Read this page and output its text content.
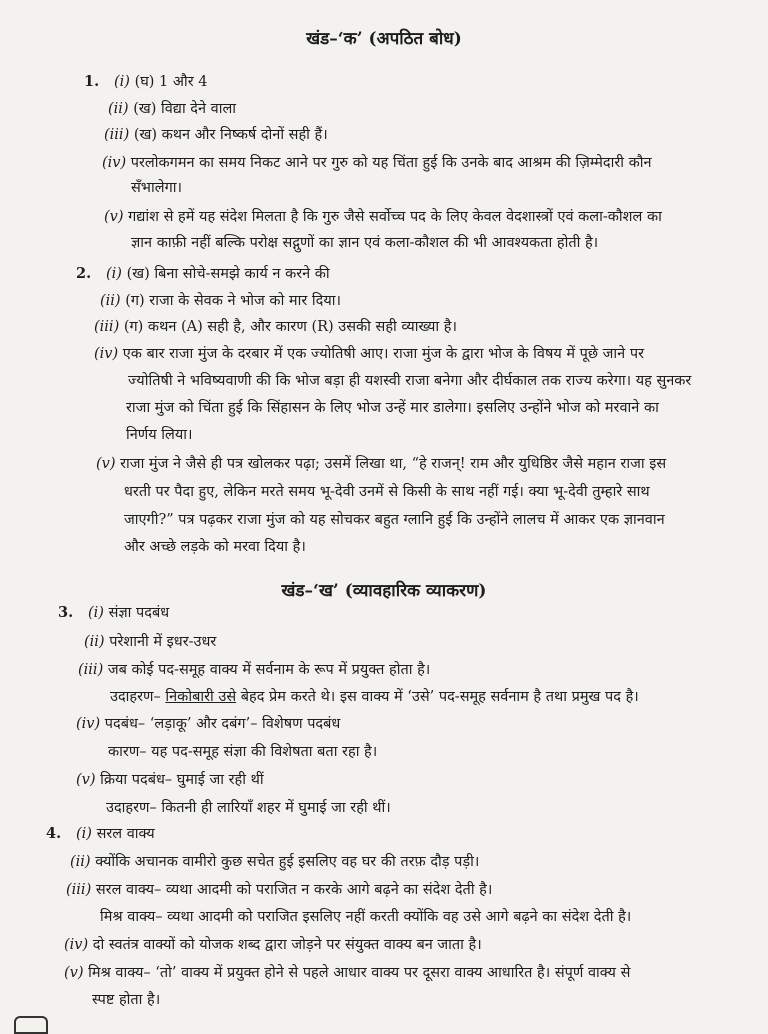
खंड–‘क’ (अपठित बोध)
1. (i) (घ) 1 और 4
(ii) (ख) विद्या देने वाला
(iii) (ख) कथन और निष्कर्ष दोनों सही हैं।
(iv) परलोकगमन का समय निकट आने पर गुरु को यह चिंता हुई कि उनके बाद आश्रम की ज़िम्मेदारी कौन
सँभालेगा।
(v) गद्यांश से हमें यह संदेश मिलता है कि गुरु जैसे सर्वोच्च पद के लिए केवल वेदशास्त्रों एवं कला-कौशल का
ज्ञान काफ़ी नहीं बल्कि परोक्ष सद्गुणों का ज्ञान एवं कला-कौशल की भी आवश्यकता होती है।
2. (i) (ख) बिना सोचे-समझे कार्य न करने की
(ii) (ग) राजा के सेवक ने भोज को मार दिया।
(iii) (ग) कथन (A) सही है, और कारण (R) उसकी सही व्याख्या है।
(iv) एक बार राजा मुंज के दरबार में एक ज्योतिषी आए। राजा मुंज के द्वारा भोज के विषय में पूछे जाने पर
ज्योतिषी ने भविष्यवाणी की कि भोज बड़ा ही यशस्वी राजा बनेगा और दीर्घकाल तक राज्य करेगा। यह सुनकर
राजा मुंज को चिंता हुई कि सिंहासन के लिए भोज उन्हें मार डालेगा। इसलिए उन्होंने भोज को मरवाने का
निर्णय लिया।
(v) राजा मुंज ने जैसे ही पत्र खोलकर पढ़ा; उसमें लिखा था, “हे राजन्! राम और युधिष्ठिर जैसे महान राजा इस
धरती पर पैदा हुए, लेकिन मरते समय भू-देवी उनमें से किसी के साथ नहीं गई। क्या भू-देवी तुम्हारे साथ
जाएगी?” पत्र पढ़कर राजा मुंज को यह सोचकर बहुत ग्लानि हुई कि उन्होंने लालच में आकर एक ज्ञानवान
और अच्छे लड़के को मरवा दिया है।
खंड–‘ख’ (व्यावहारिक व्याकरण)
3. (i) संज्ञा पदबंध
(ii) परेशानी में इधर-उधर
(iii) जब कोई पद-समूह वाक्य में सर्वनाम के रूप में प्रयुक्त होता है।
उदाहरण– निकोबारी उसे बेहद प्रेम करते थे। इस वाक्य में ‘उसे’ पद-समूह सर्वनाम है तथा प्रमुख पद है।
(iv) पदबंध– ‘लड़ाकू’ और दबंग’– विशेषण पदबंध
कारण– यह पद-समूह संज्ञा की विशेषता बता रहा है।
(v) क्रिया पदबंध– घुमाई जा रही थीं
उदाहरण– कितनी ही लारियाँ शहर में घुमाई जा रही थीं।
4. (i) सरल वाक्य
(ii) क्योंकि अचानक वामीरो कुछ सचेत हुई इसलिए वह घर की तरफ़ दौड़ पड़ी।
(iii) सरल वाक्य– व्यथा आदमी को पराजित न करके आगे बढ़ने का संदेश देती है।
मिश्र वाक्य– व्यथा आदमी को पराजित इसलिए नहीं करती क्योंकि वह उसे आगे बढ़ने का संदेश देती है।
(iv) दो स्वतंत्र वाक्यों को योजक शब्द द्वारा जोड़ने पर संयुक्त वाक्य बन जाता है।
(v) मिश्र वाक्य– ‘तो’ वाक्य में प्रयुक्त होने से पहले आधार वाक्य पर दूसरा वाक्य आधारित है। संपूर्ण वाक्य से
स्पष्ट होता है।
